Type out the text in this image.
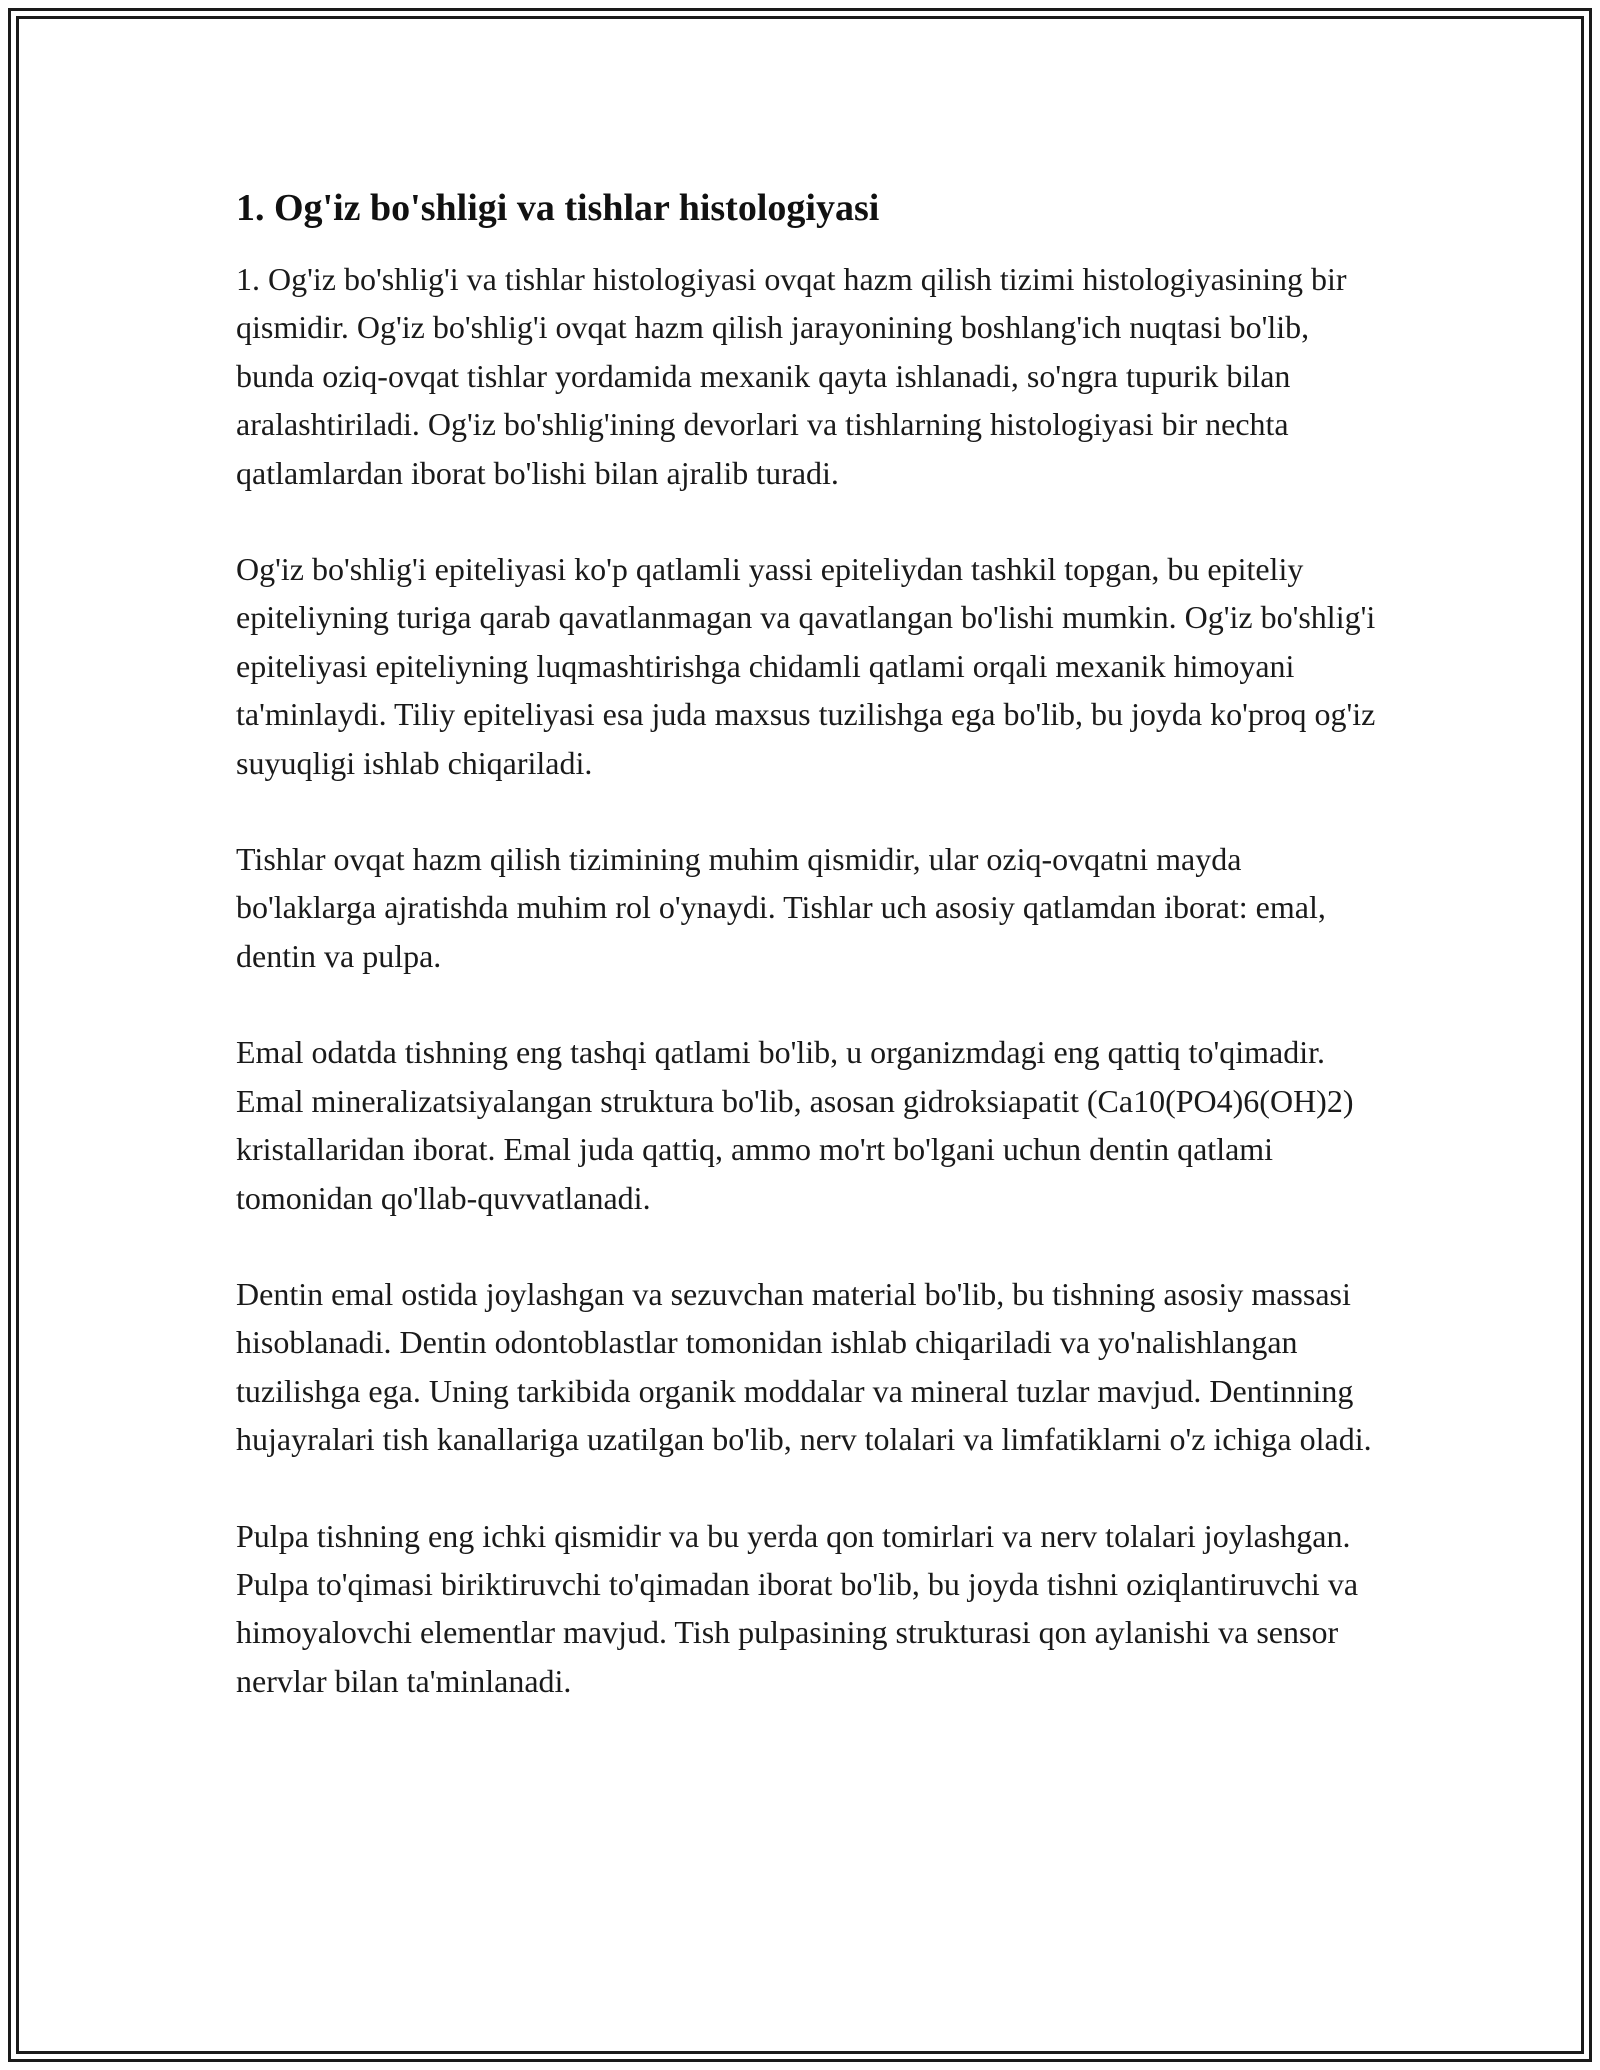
1. Og'iz bo'shligi va tishlar histologiyasi

1. Og'iz bo'shlig'i va tishlar histologiyasi ovqat hazm qilish tizimi histologiyasining bir qismidir. Og'iz bo'shlig'i ovqat hazm qilish jarayonining boshlang'ich nuqtasi bo'lib, bunda oziq-ovqat tishlar yordamida mexanik qayta ishlanadi, so'ngra tupurik bilan aralashtiriladi. Og'iz bo'shlig'ining devorlari va tishlarning histologiyasi bir nechta qatlamlardan iborat bo'lishi bilan ajralib turadi.

Og'iz bo'shlig'i epiteliyasi ko'p qatlamli yassi epiteliydan tashkil topgan, bu epiteliy epiteliyning turiga qarab qavatlanmagan va qavatlangan bo'lishi mumkin. Og'iz bo'shlig'i epiteliyasi epiteliyning luqmashtirishga chidamli qatlami orqali mexanik himoyani ta'minlaydi. Tiliy epiteliyasi esa juda maxsus tuzilishga ega bo'lib, bu joyda ko'proq og'iz suyuqligi ishlab chiqariladi.

Tishlar ovqat hazm qilish tizimining muhim qismidir, ular oziq-ovqatni mayda bo'laklarga ajratishda muhim rol o'ynaydi. Tishlar uch asosiy qatlamdan iborat: emal, dentin va pulpa.

Emal odatda tishning eng tashqi qatlami bo'lib, u organizmdagi eng qattiq to'qimadir. Emal mineralizatsiyalangan struktura bo'lib, asosan gidroksiapatit (Ca10(PO4)6(OH)2) kristallaridan iborat. Emal juda qattiq, ammo mo'rt bo'lgani uchun dentin qatlami tomonidan qo'llab-quvvatlanadi.

Dentin emal ostida joylashgan va sezuvchan material bo'lib, bu tishning asosiy massasi hisoblanadi. Dentin odontoblastlar tomonidan ishlab chiqariladi va yo'nalishlangan tuzilishga ega. Uning tarkibida organik moddalar va mineral tuzlar mavjud. Dentinning hujayralari tish kanallariga uzatilgan bo'lib, nerv tolalari va limfatiklarni o'z ichiga oladi.

Pulpa tishning eng ichki qismidir va bu yerda qon tomirlari va nerv tolalari joylashgan. Pulpa to'qimasi biriktiruvchi to'qimadan iborat bo'lib, bu joyda tishni oziqlantiruvchi va himoyalovchi elementlar mavjud. Tish pulpasining strukturasi qon aylanishi va sensor nervlar bilan ta'minlanadi.
